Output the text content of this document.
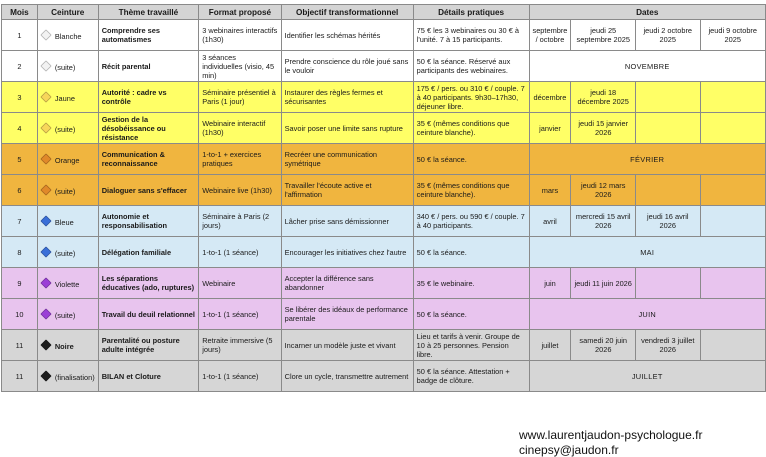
Mois	Ceinture	Thème travaillé	Format proposé	Objectif transformationnel	Détails pratiques	Dates			
1	Blanche	Comprendre ses automatismes	3 webinaires interactifs (1h30)	Identifier les schémas hérités	75 € les 3 webinaires ou 30 € à l'unité. 7 à 15 participants.	septembre / octobre	jeudi 25 septembre 2025	jeudi 2 octobre 2025	jeudi 9 octobre 2025
2	(suite)	Récit parental	3 séances individuelles (visio, 45 min)	Prendre conscience du rôle joué sans le vouloir	50 € la séance. Réservé aux participants des webinaires.	NOVEMBRE			
3	Jaune	Autorité : cadre vs contrôle	Séminaire présentiel à Paris (1 jour)	Instaurer des règles fermes et sécurisantes	175 € / pers. ou 310 € / couple. 7 à 40 participants. 9h30–17h30, déjeuner libre.	décembre	jeudi 18 décembre 2025		
4	(suite)	Gestion de la désobéissance ou résistance	Webinaire interactif (1h30)	Savoir poser une limite sans rupture	35 € (mêmes conditions que ceinture blanche).	janvier	jeudi 15 janvier 2026		
5	Orange	Communication & reconnaissance	1-to-1 + exercices pratiques	Recréer une communication symétrique	50 € la séance.	FÉVRIER			
6	(suite)	Dialoguer sans s'effacer	Webinaire live (1h30)	Travailler l'écoute active et l'affirmation	35 € (mêmes conditions que ceinture blanche).	mars	jeudi 12 mars 2026		
7	Bleue	Autonomie et responsabilisation	Séminaire à Paris (2 jours)	Lâcher prise sans démissionner	340 € / pers. ou 590 € / couple. 7 à 40 participants.	avril	mercredi 15 avril 2026	jeudi 16 avril 2026	
8	(suite)	Délégation familiale	1-to-1 (1 séance)	Encourager les initiatives chez l'autre	50 € la séance.	MAI			
9	Violette	Les séparations éducatives (ado, ruptures)	Webinaire	Accepter la différence sans abandonner	35 € le webinaire.	juin	jeudi 11 juin 2026		
10	(suite)	Travail du deuil relationnel	1-to-1 (1 séance)	Se libérer des idéaux de performance parentale	50 € la séance.	JUIN			
11	Noire	Parentalité ou posture adulte intégrée	Retraite immersive (5 jours)	Incarner un modèle juste et vivant	Lieu et tarifs à venir. Groupe de 10 à 25 personnes. Pension libre.	juillet	samedi 20 juin 2026	vendredi 3 juillet 2026	
11	(finalisation)	BILAN et Cloture	1-to-1 (1 séance)	Clore un cycle, transmettre autrement	50 € la séance. Attestation + badge de clôture.	JUILLET			
www.laurentjaudon-psychologue.fr
cinepsy@jaudon.fr
